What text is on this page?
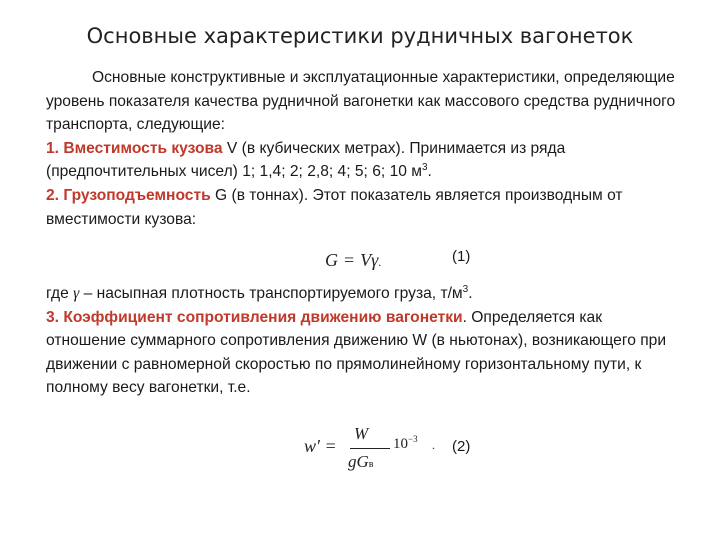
Основные характеристики рудничных вагонеток
Основные конструктивные и эксплуатационные характеристики, определяющие уровень показателя качества рудничной вагонетки как массового средства рудничного транспорта, следующие:
1. Вместимость кузова V (в кубических метрах). Принимается из ряда (предпочтительных чисел) 1; 1,4; 2; 2,8; 4; 5; 6; 10 $м^3$.
2. Грузоподъемность G (в тоннах). Этот показатель является производным от вместимости кузова:
G = Vγ.	(1)
где γ – насыпная плотность транспортируемого груза, $т/м^3$.
3. Коэффициент сопротивления движению вагонетки. Определяется как отношение суммарного сопротивления движению W (в ньютонах), возникающего при движении с равномерной скоростью по прямолинейному горизонтальному пути, к полному весу вагонетки, т.е.
w′ =
W
gGв
$10^{-3}$ . (2)
